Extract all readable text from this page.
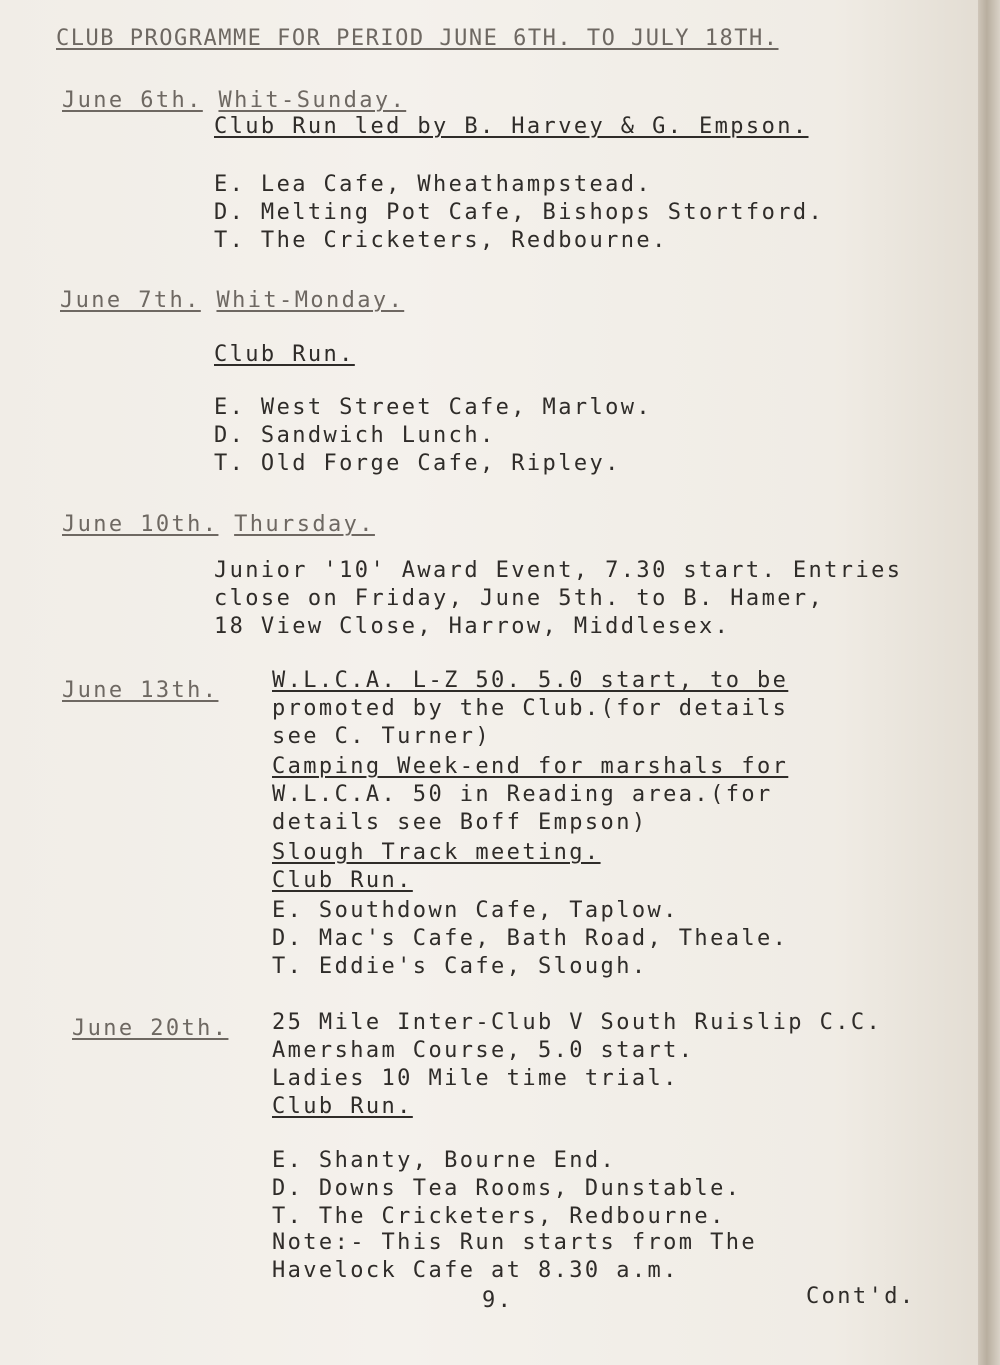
CLUB PROGRAMME FOR PERIOD JUNE 6TH. TO JULY 18TH.
June 6th. Whit-Sunday.
Club Run led by B. Harvey & G. Empson.
E. Lea Cafe, Wheathampstead.
D. Melting Pot Cafe, Bishops Stortford.
T. The Cricketers, Redbourne.
June 7th. Whit-Monday.
Club Run.
E. West Street Cafe, Marlow.
D. Sandwich Lunch.
T. Old Forge Cafe, Ripley.
June 10th. Thursday.
Junior '10' Award Event, 7.30 start. Entries
close on Friday, June 5th. to B. Hamer,
18 View Close, Harrow, Middlesex.
June 13th. W.L.C.A. L-Z 50. 5.0 start, to be
promoted by the Club.(for details
see C. Turner)
Camping Week-end for marshals for
W.L.C.A. 50 in Reading area.(for
details see Boff Empson)
Slough Track meeting.
Club Run.
E. Southdown Cafe, Taplow.
D. Mac's Cafe, Bath Road, Theale.
T. Eddie's Cafe, Slough.
June 20th. 25 Mile Inter-Club V South Ruislip C.C.
Amersham Course, 5.0 start.
Ladies 10 Mile time trial.
Club Run.
E. Shanty, Bourne End.
D. Downs Tea Rooms, Dunstable.
T. The Cricketers, Redbourne.
Note:- This Run starts from The
Havelock Cafe at 8.30 a.m.
9.	Cont'd.
